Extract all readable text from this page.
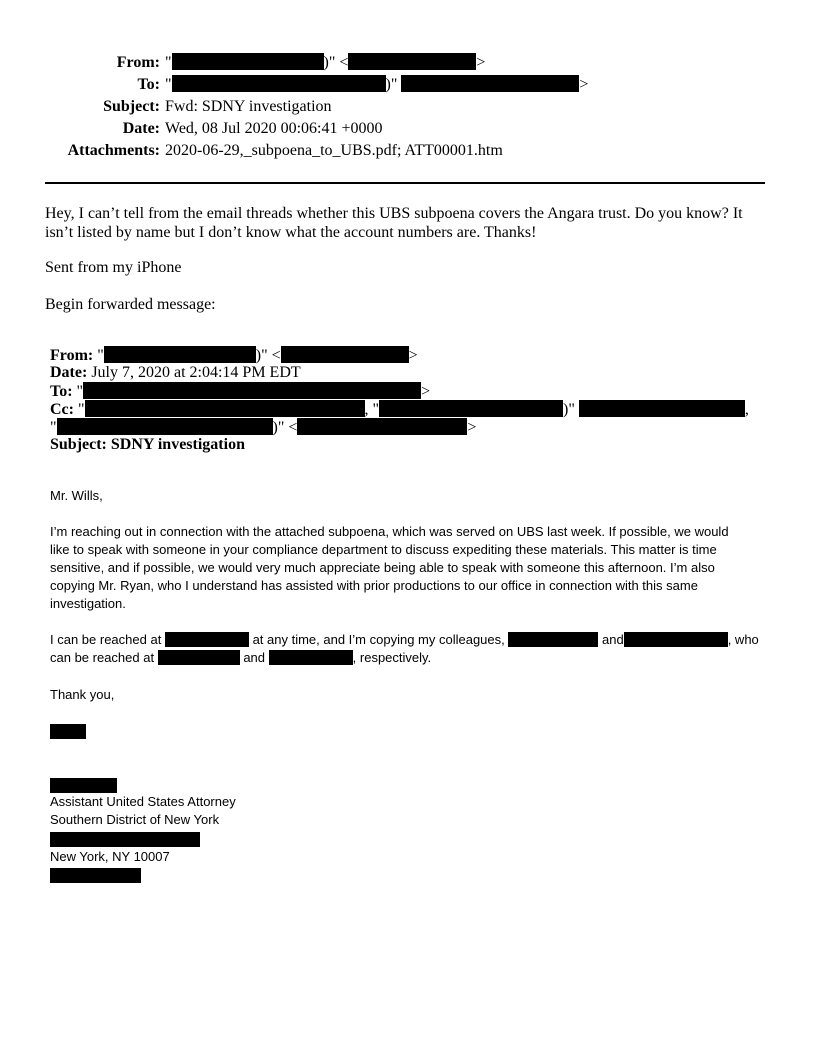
From: "	)" <	>
To: "	)"	>
Subject: Fwd: SDNY investigation
Date: Wed, 08 Jul 2020 00:06:41 +0000
Attachments: 2020-06-29,_subpoena_to_UBS.pdf; ATT00001.htm
Hey, I can’t tell from the email threads whether this UBS subpoena covers the Angara trust. Do you know? It
isn’t listed by name but I don’t know what the account numbers are. Thanks!
Sent from my iPhone
Begin forwarded message:
From: "	)" <	>
Date: July 7, 2020 at 2:04:14 PM EDT
To: "	>
Cc: "	, "	)"	,
"	)" <	>
Subject: SDNY investigation
Mr. Wills,
I’m reaching out in connection with the attached subpoena, which was served on UBS last week. If possible, we would
like to speak with someone in your compliance department to discuss expediting these materials. This matter is time
sensitive, and if possible, we would very much appreciate being able to speak with someone this afternoon. I’m also
copying Mr. Ryan, who I understand has assisted with prior productions to our office in connection with this same
investigation.
I can be reached at	at any time, and I’m copying my colleagues,	and	, who
can be reached at	and	, respectively.
Thank you,
Assistant United States Attorney
Southern District of New York
New York, NY 10007
